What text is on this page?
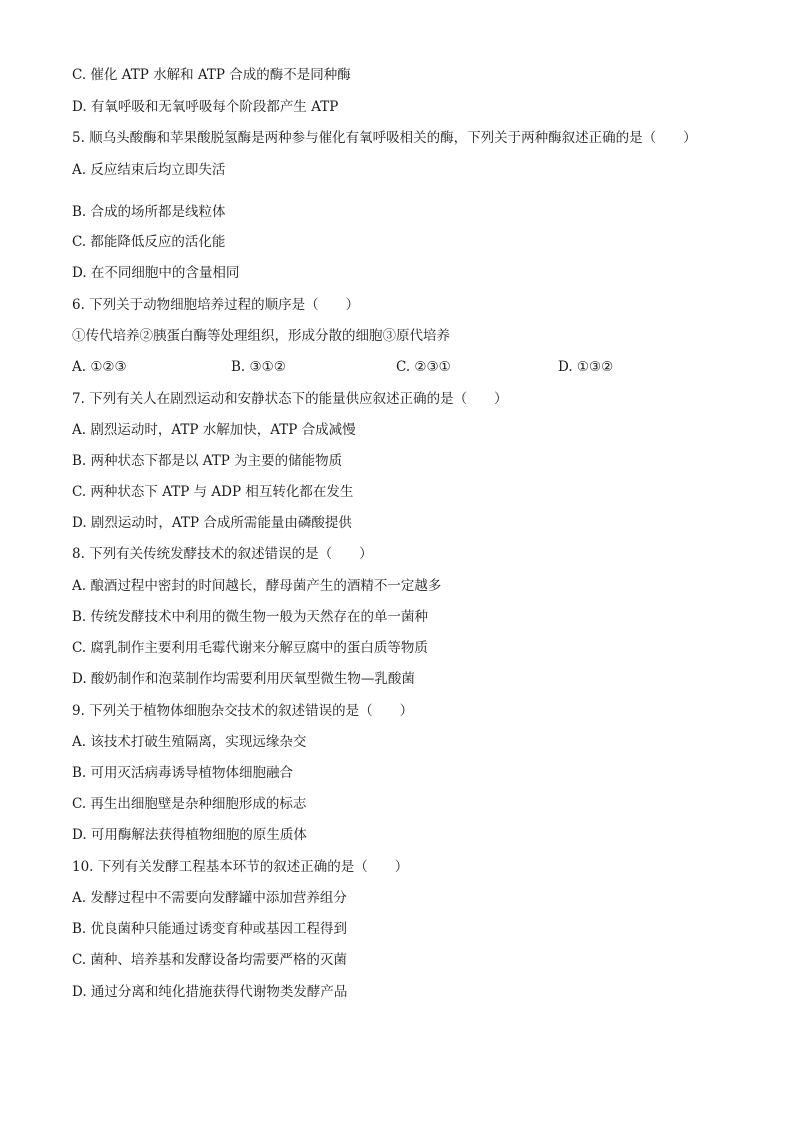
C. 催化 ATP 水解和 ATP 合成的酶不是同种酶
D. 有氧呼吸和无氧呼吸每个阶段都产生 ATP
5. 顺乌头酸酶和苹果酸脱氢酶是两种参与催化有氧呼吸相关的酶，下列关于两种酶叙述正确的是（　　）
A. 反应结束后均立即失活
B. 合成的场所都是线粒体
C. 都能降低反应的活化能
D. 在不同细胞中的含量相同
6. 下列关于动物细胞培养过程的顺序是（　　）
①传代培养②胰蛋白酶等处理组织，形成分散的细胞③原代培养
A. ①②③	B. ③①②	C. ②③①	D. ①③②
7. 下列有关人在剧烈运动和安静状态下的能量供应叙述正确的是（　　）
A. 剧烈运动时，ATP 水解加快，ATP 合成减慢
B. 两种状态下都是以 ATP 为主要的储能物质
C. 两种状态下 ATP 与 ADP 相互转化都在发生
D. 剧烈运动时，ATP 合成所需能量由磷酸提供
8. 下列有关传统发酵技术的叙述错误的是（　　）
A. 酿酒过程中密封的时间越长，酵母菌产生的酒精不一定越多
B. 传统发酵技术中利用的微生物一般为天然存在的单一菌种
C. 腐乳制作主要利用毛霉代谢来分解豆腐中的蛋白质等物质
D. 酸奶制作和泡菜制作均需要利用厌氧型微生物—乳酸菌
9. 下列关于植物体细胞杂交技术的叙述错误的是（　　）
A. 该技术打破生殖隔离，实现远缘杂交
B. 可用灭活病毒诱导植物体细胞融合
C. 再生出细胞壁是杂种细胞形成的标志
D. 可用酶解法获得植物细胞的原生质体
10. 下列有关发酵工程基本环节的叙述正确的是（　　）
A. 发酵过程中不需要向发酵罐中添加营养组分
B. 优良菌种只能通过诱变育种或基因工程得到
C. 菌种、培养基和发酵设备均需要严格的灭菌
D. 通过分离和纯化措施获得代谢物类发酵产品
